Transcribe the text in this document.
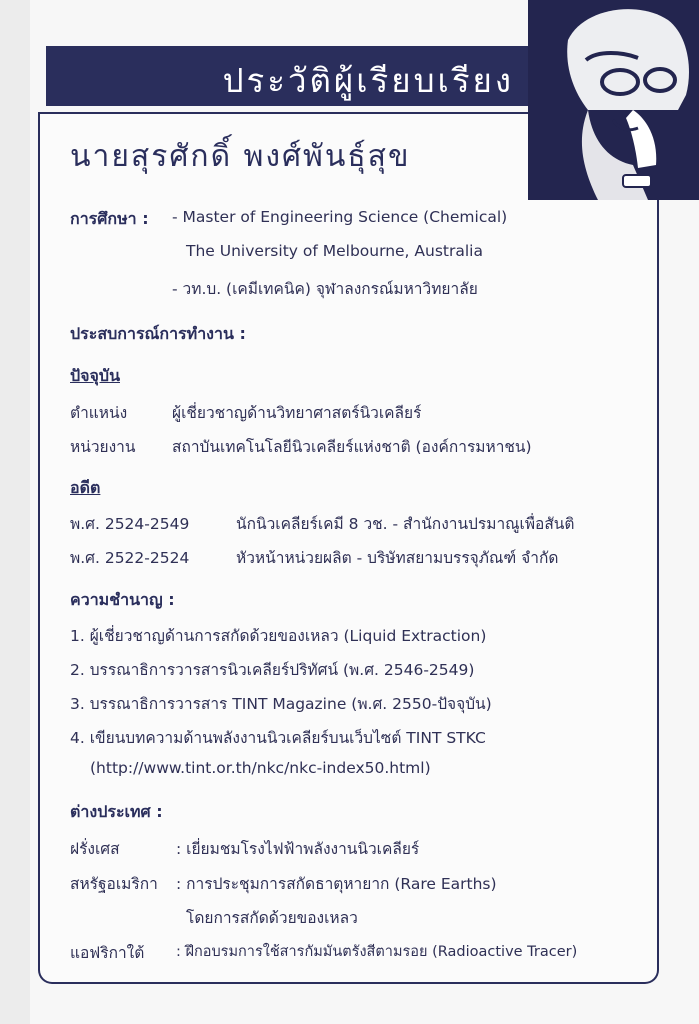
ประวัติผู้เรียบเรียง
นายสุรศักดิ์ พงศ์พันธุ์สุข
การศึกษา : - Master of Engineering Science (Chemical)
The University of Melbourne, Australia
- วท.บ. (เคมีเทคนิค) จุฬาลงกรณ์มหาวิทยาลัย
ประสบการณ์การทำงาน :
ปัจจุบัน
ตำแหน่ง	ผู้เชี่ยวชาญด้านวิทยาศาสตร์นิวเคลียร์
หน่วยงาน สถาบันเทคโนโลยีนิวเคลียร์แห่งชาติ (องค์การมหาชน)
อดีต
พ.ศ. 2524-2549	นักนิวเคลียร์เคมี 8 วช. - สำนักงานปรมาณูเพื่อสันติ
พ.ศ. 2522-2524	หัวหน้าหน่วยผลิต - บริษัทสยามบรรจุภัณฑ์ จำกัด
ความชำนาญ :
1. ผู้เชี่ยวชาญด้านการสกัดด้วยของเหลว (Liquid Extraction)
2. บรรณาธิการวารสารนิวเคลียร์ปริทัศน์ (พ.ศ. 2546-2549)
3. บรรณาธิการวารสาร TINT Magazine (พ.ศ. 2550-ปัจจุบัน)
4. เขียนบทความด้านพลังงานนิวเคลียร์บนเว็บไซต์ TINT STKC
(http://www.tint.or.th/nkc/nkc-index50.html)
ต่างประเทศ :
ฝรั่งเศส	: เยี่ยมชมโรงไฟฟ้าพลังงานนิวเคลียร์
สหรัฐอเมริกา : การประชุมการสกัดธาตุหายาก (Rare Earths)
โดยการสกัดด้วยของเหลว
แอฟริกาใต้ : ฝึกอบรมการใช้สารกัมมันตรังสีตามรอย (Radioactive Tracer)
